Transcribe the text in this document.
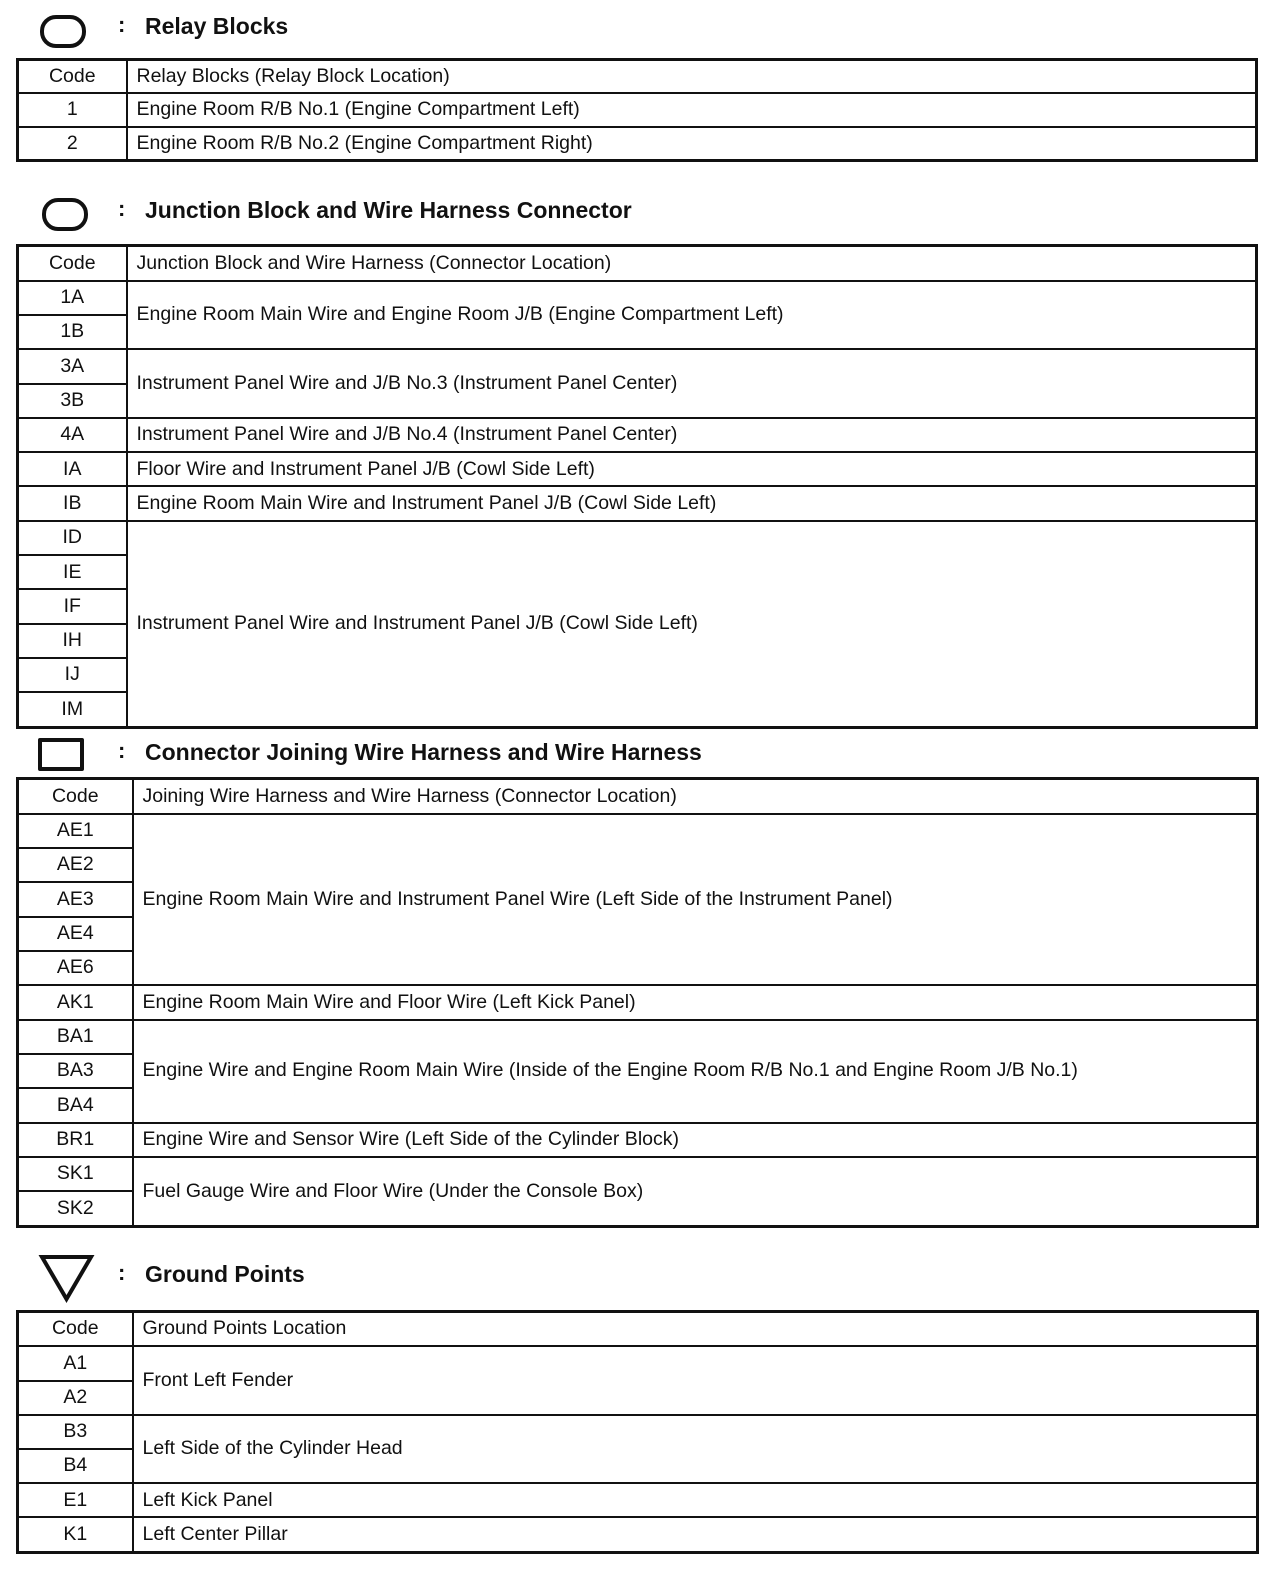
: Relay Blocks
Code	Relay Blocks (Relay Block Location)
1	Engine Room R/B No.1 (Engine Compartment Left)
2	Engine Room R/B No.2 (Engine Compartment Right)
: Junction Block and Wire Harness Connector
Code	Junction Block and Wire Harness (Connector Location)
1A	Engine Room Main Wire and Engine Room J/B (Engine Compartment Left)
1B	
3A	Instrument Panel Wire and J/B No.3 (Instrument Panel Center)
3B	
4A	Instrument Panel Wire and J/B No.4 (Instrument Panel Center)
IA	Floor Wire and Instrument Panel J/B (Cowl Side Left)
IB	Engine Room Main Wire and Instrument Panel J/B (Cowl Side Left)
ID	Instrument Panel Wire and Instrument Panel J/B (Cowl Side Left)
IE	
IF	
IH	
IJ	
IM	
: Connector Joining Wire Harness and Wire Harness
Code	Joining Wire Harness and Wire Harness (Connector Location)
AE1	Engine Room Main Wire and Instrument Panel Wire (Left Side of the Instrument Panel)
AE2	
AE3	
AE4	
AE6	
AK1	Engine Room Main Wire and Floor Wire (Left Kick Panel)
BA1	Engine Wire and Engine Room Main Wire (Inside of the Engine Room R/B No.1 and Engine Room J/B No.1)
BA3	
BA4	
BR1	Engine Wire and Sensor Wire (Left Side of the Cylinder Block)
SK1	Fuel Gauge Wire and Floor Wire (Under the Console Box)
SK2	
: Ground Points
Code	Ground Points Location
A1	Front Left Fender
A2	
B3	Left Side of the Cylinder Head
B4	
E1	Left Kick Panel
K1	Left Center Pillar
